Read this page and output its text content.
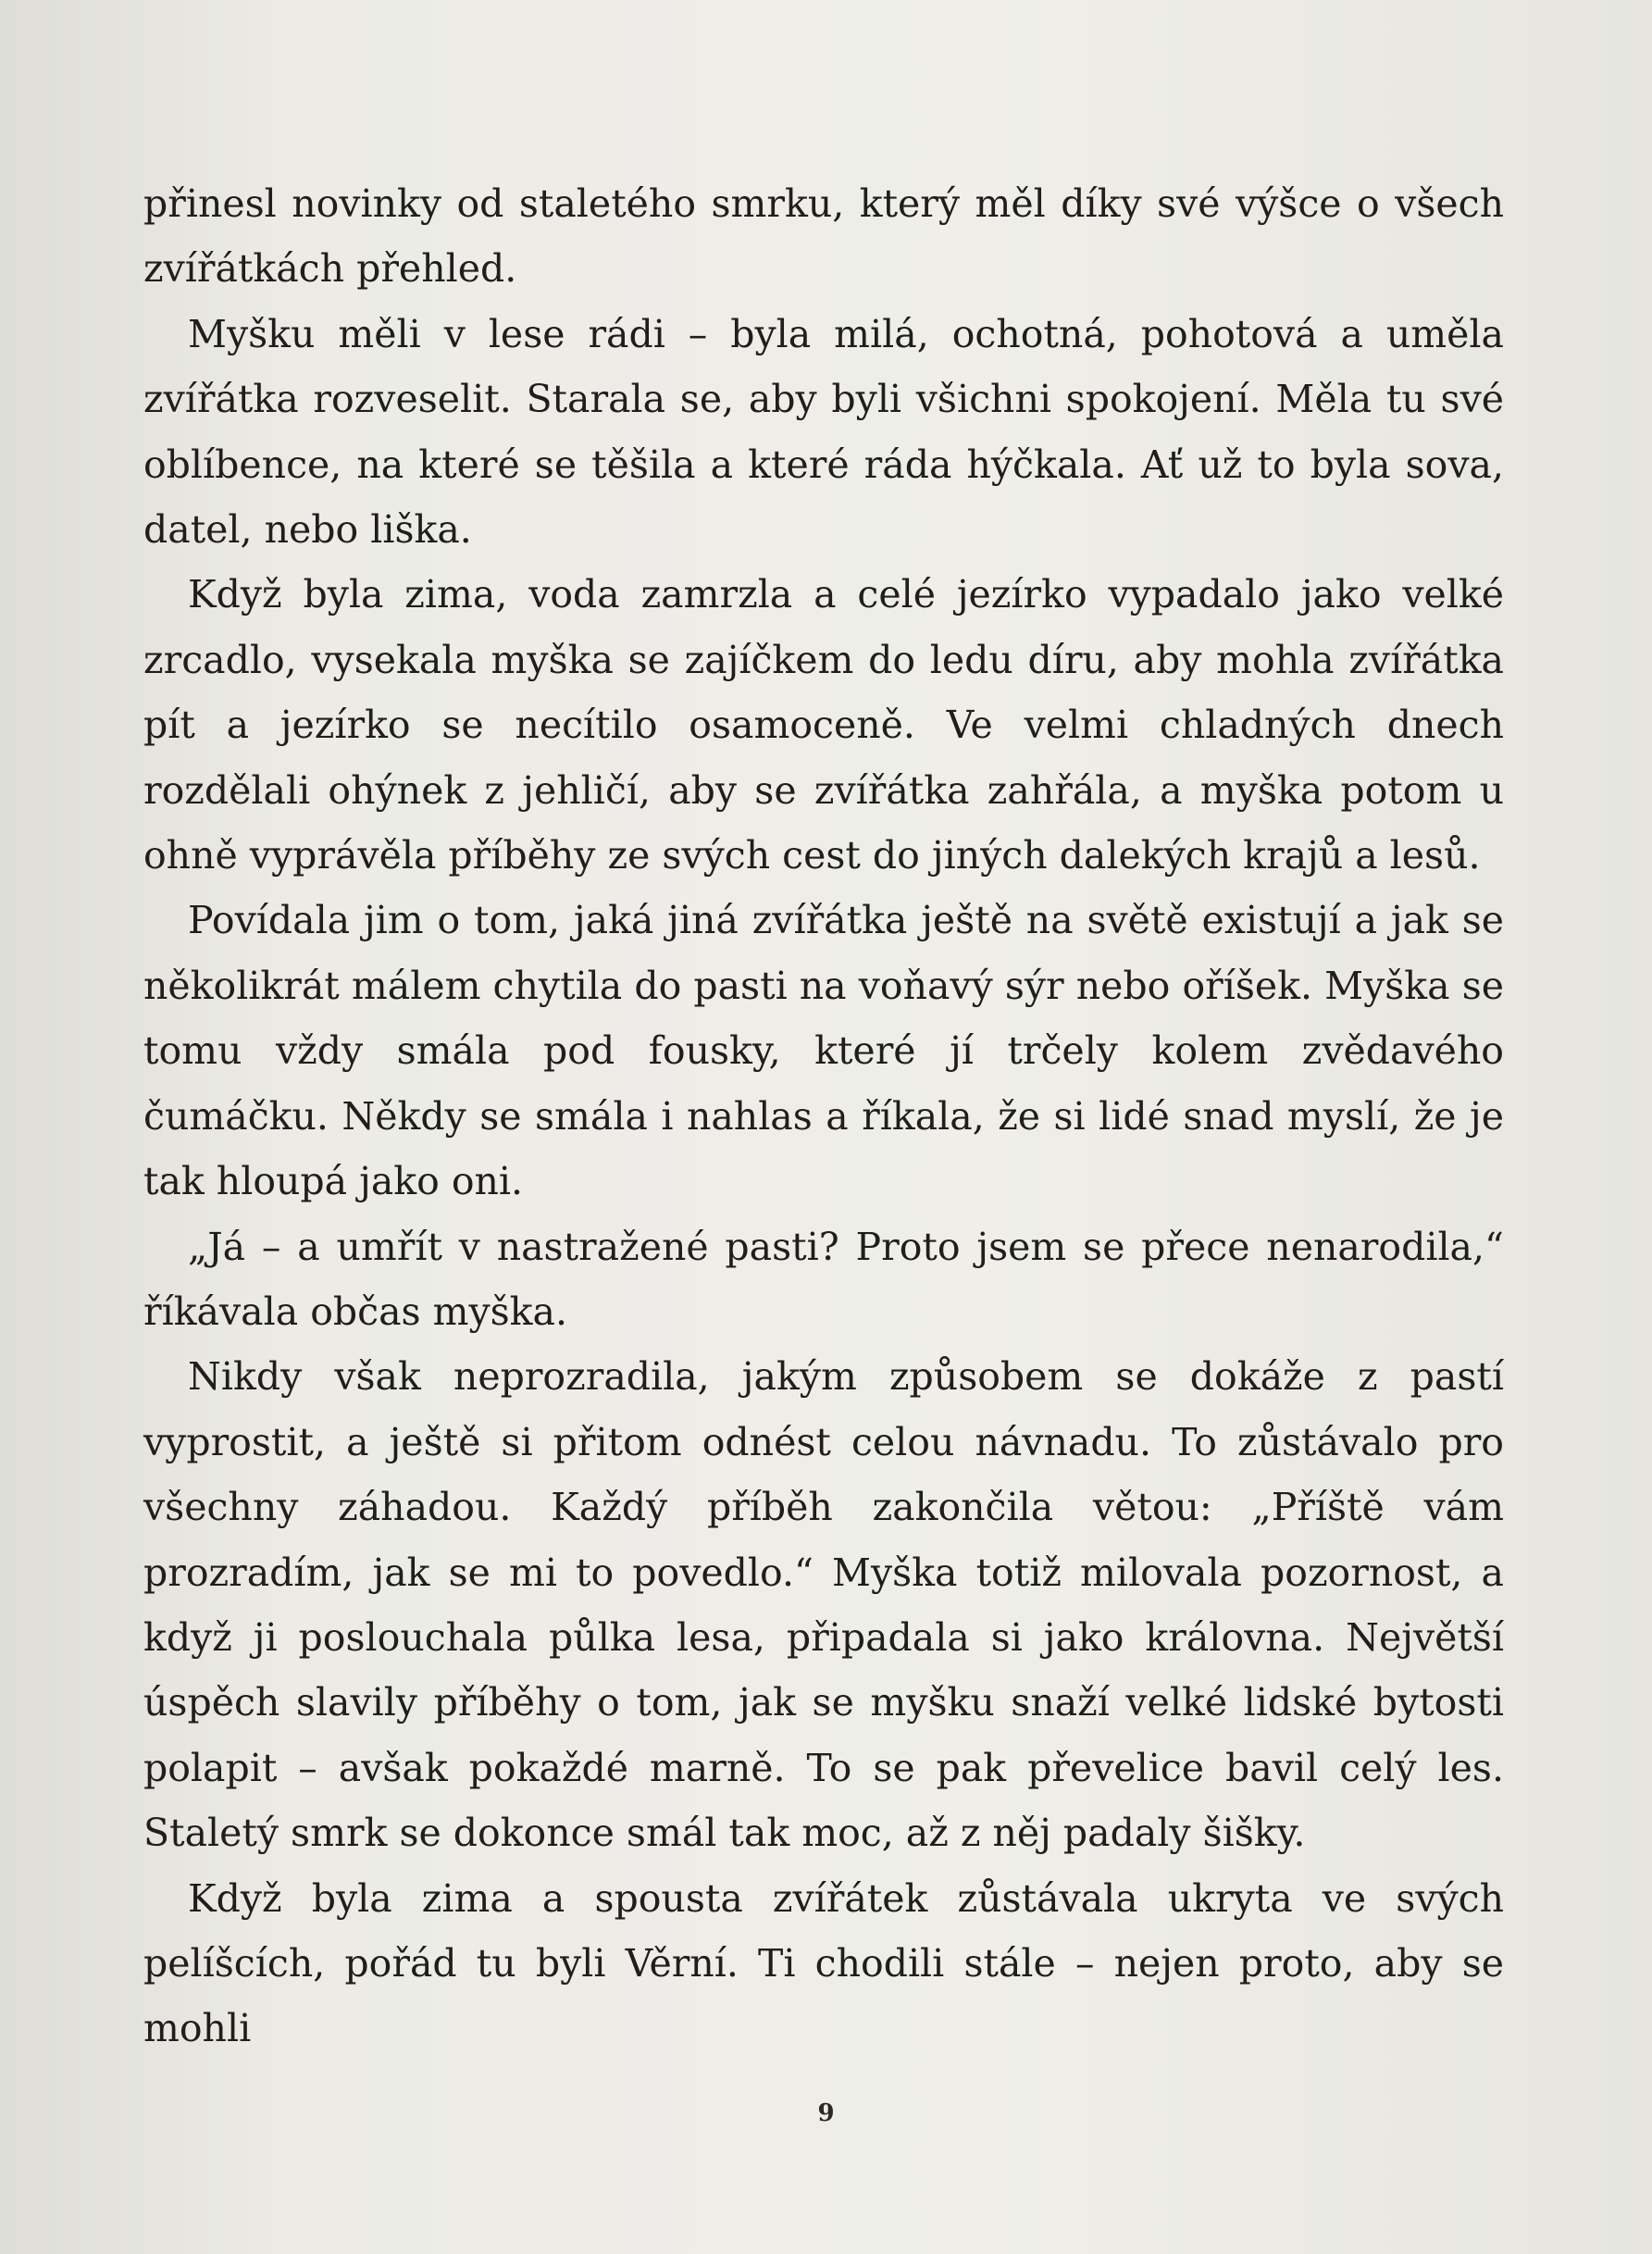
přinesl novinky od staletého smrku, který měl díky své výšce o všech zvířátkách přehled.

Myšku měli v lese rádi – byla milá, ochotná, pohotová a uměla zvířátka rozveselit. Starala se, aby byli všichni spokojení. Měla tu své oblíbence, na které se těšila a které ráda hýčkala. Ať už to byla sova, datel, nebo liška.

Když byla zima, voda zamrzla a celé jezírko vypadalo jako velké zrcadlo, vysekala myška se zajíčkem do ledu díru, aby mohla zvířátka pít a jezírko se necítilo osamoceně. Ve velmi chladných dnech rozdělali ohýnek z jehličí, aby se zvířátka zahřála, a myška potom u ohně vyprávěla příběhy ze svých cest do jiných dalekých krajů a lesů.

Povídala jim o tom, jaká jiná zvířátka ještě na světě existují a jak se několikrát málem chytila do pasti na voňavý sýr nebo oříšek. Myška se tomu vždy smála pod fousky, které jí trčely kolem zvědavého čumáčku. Někdy se smála i nahlas a říkala, že si lidé snad myslí, že je tak hloupá jako oni.

„Já – a umřít v nastražené pasti? Proto jsem se přece nenarodila,“ říkávala občas myška.

Nikdy však neprozradila, jakým způsobem se dokáže z pastí vyprostit, a ještě si přitom odnést celou návnadu. To zůstávalo pro všechny záhadou. Každý příběh zakončila větou: „Příště vám prozradím, jak se mi to povedlo.“ Myška totiž milovala pozornost, a když ji poslouchala půlka lesa, připadala si jako královna. Největší úspěch slavily příběhy o tom, jak se myšku snaží velké lidské bytosti polapit – avšak pokaždé marně. To se pak převelice bavil celý les. Staletý smrk se dokonce smál tak moc, až z něj padaly šišky.

Když byla zima a spousta zvířátek zůstávala ukryta ve svých pelíšcích, pořád tu byli Věrní. Ti chodili stále – nejen proto, aby se mohli

9
